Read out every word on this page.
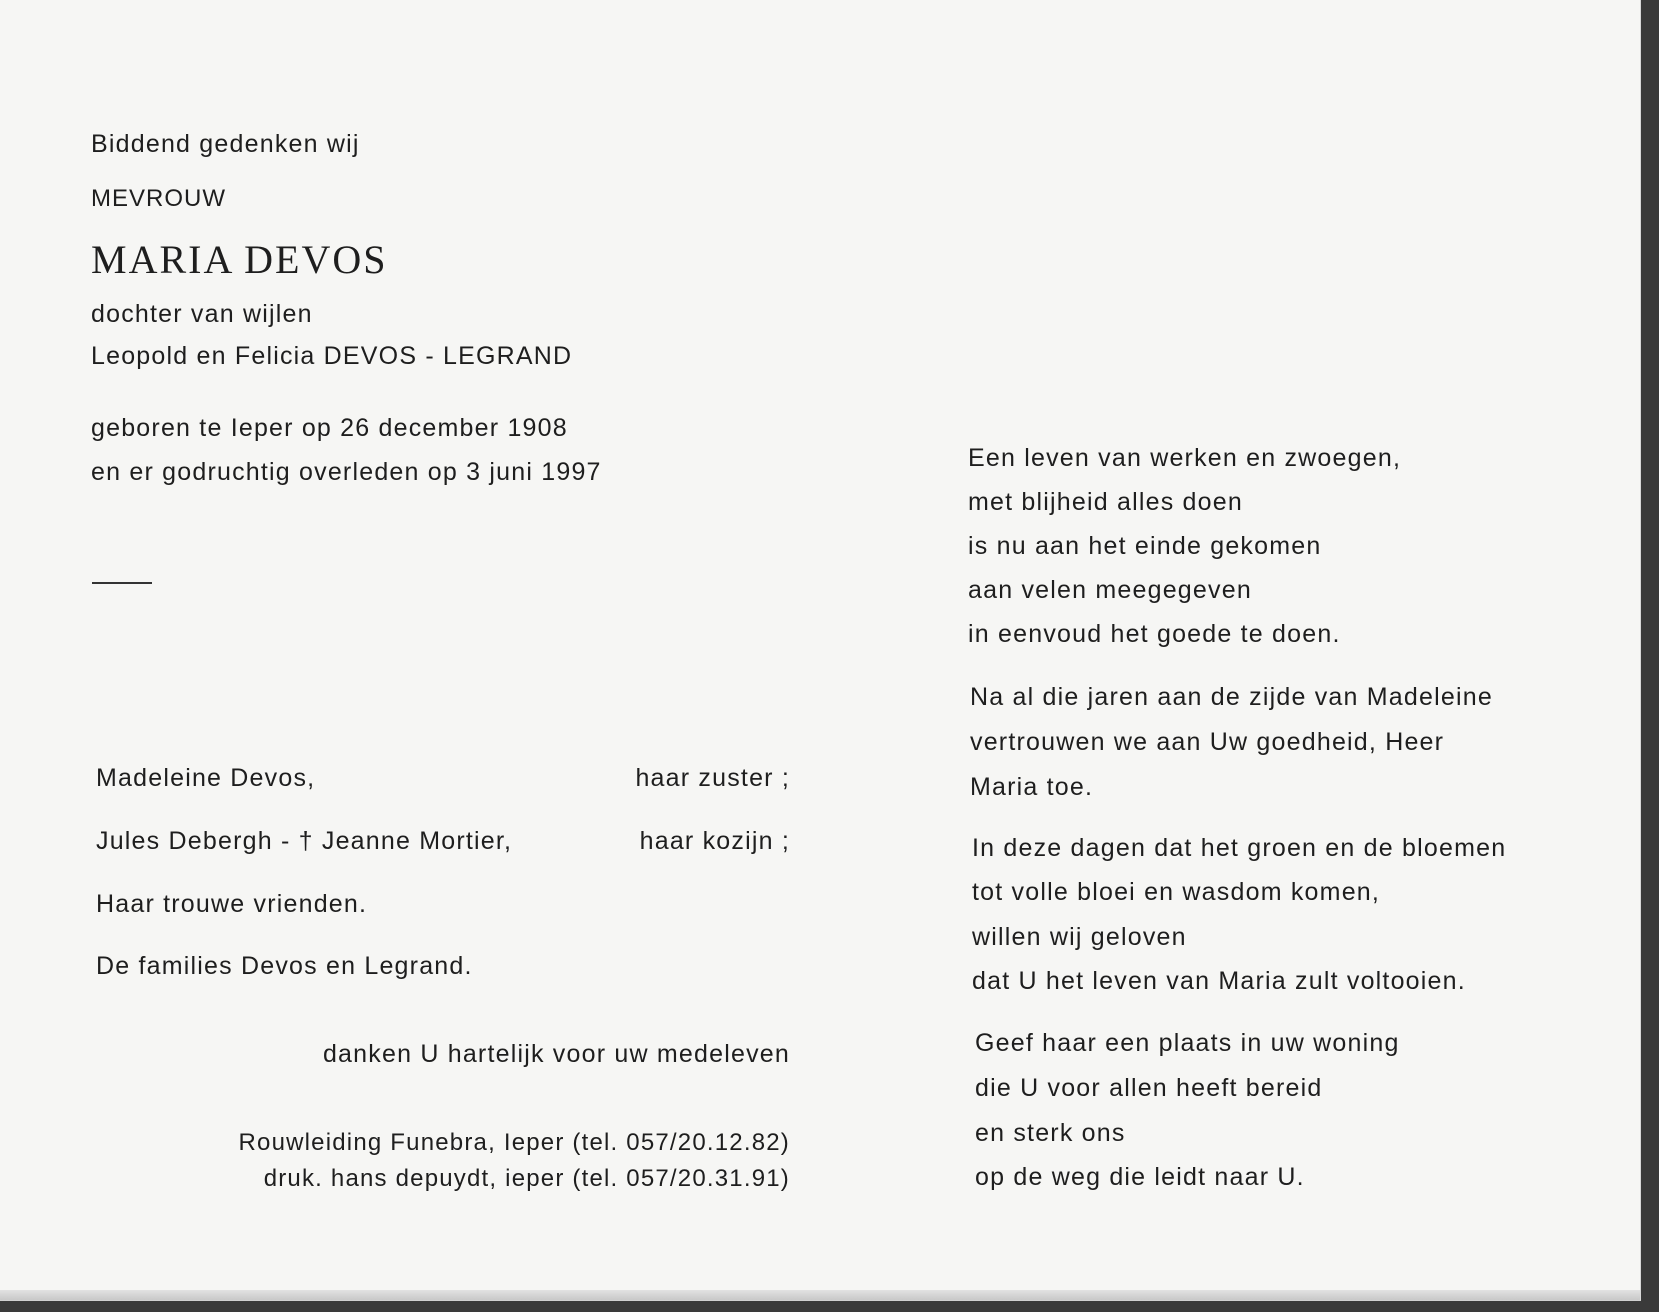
Biddend gedenken wij
MEVROUW
MARIA DEVOS
dochter van wijlen
Leopold en Felicia DEVOS - LEGRAND
geboren te Ieper op 26 december 1908
en er godruchtig overleden op 3 juni 1997
Madeleine Devos,	haar zuster ;
Jules Debergh - † Jeanne Mortier,	haar kozijn ;
Haar trouwe vrienden.
De families Devos en Legrand.
danken U hartelijk voor uw medeleven
Rouwleiding Funebra, Ieper (tel. 057/20.12.82)
druk. hans depuydt, ieper (tel. 057/20.31.91)
Een leven van werken en zwoegen,
met blijheid alles doen
is nu aan het einde gekomen
aan velen meegegeven
in eenvoud het goede te doen.
Na al die jaren aan de zijde van Madeleine
vertrouwen we aan Uw goedheid, Heer
Maria toe.
In deze dagen dat het groen en de bloemen
tot volle bloei en wasdom komen,
willen wij geloven
dat U het leven van Maria zult voltooien.
Geef haar een plaats in uw woning
die U voor allen heeft bereid
en sterk ons
op de weg die leidt naar U.
